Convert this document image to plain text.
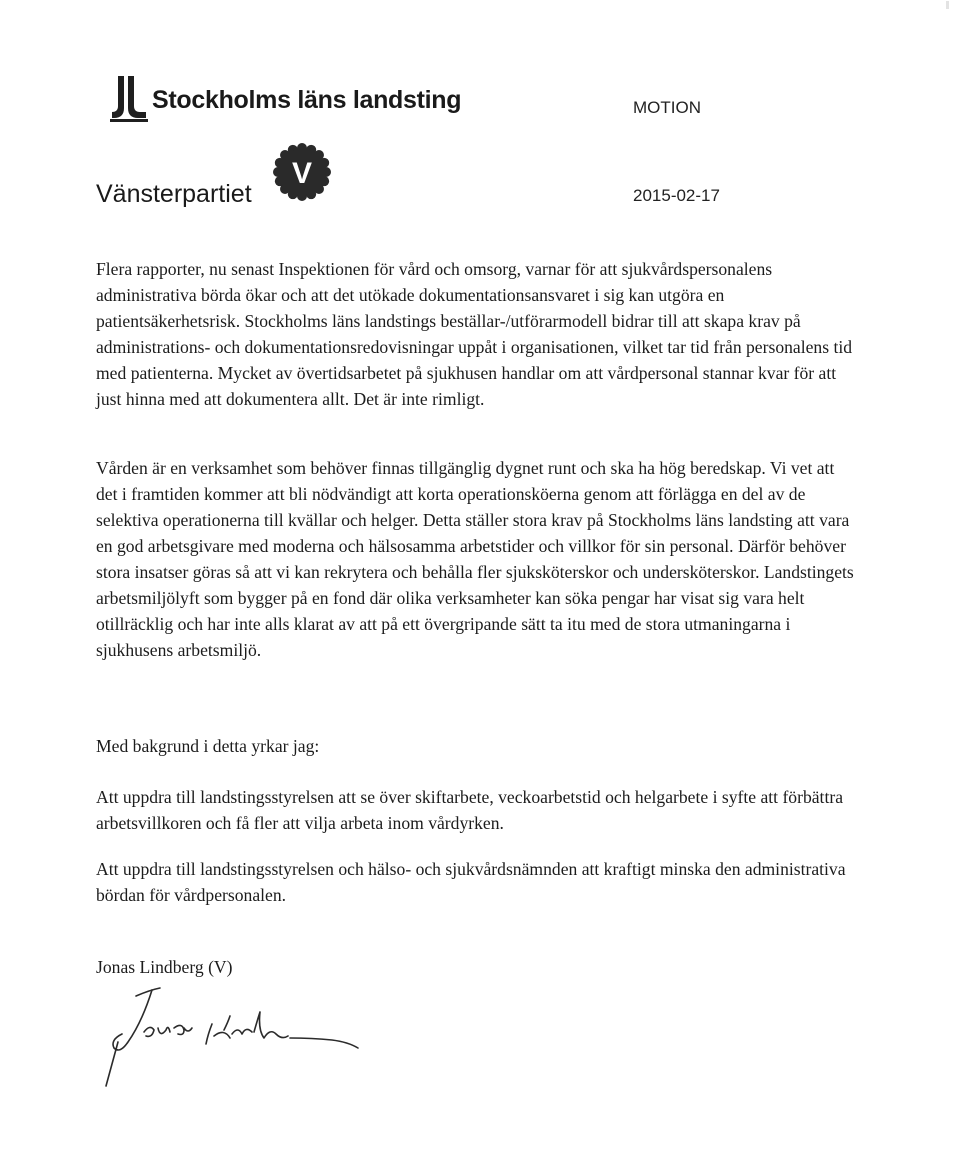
Stockholms läns landsting	MOTION
Vänsterpartiet
V
2015-02-17

Flera rapporter, nu senast Inspektionen för vård och omsorg, varnar för att sjukvårdspersonalens administrativa börda ökar och att det utökade dokumentationsansvaret i sig kan utgöra en patientsäkerhetsrisk. Stockholms läns landstings beställar-/utförarmodell bidrar till att skapa krav på administrations- och dokumentationsredovisningar uppåt i organisationen, vilket tar tid från personalens tid med patienterna. Mycket av övertidsarbetet på sjukhusen handlar om att vårdpersonal stannar kvar för att just hinna med att dokumentera allt. Det är inte rimligt.

Vården är en verksamhet som behöver finnas tillgänglig dygnet runt och ska ha hög beredskap. Vi vet att det i framtiden kommer att bli nödvändigt att korta operationsköerna genom att förlägga en del av de selektiva operationerna till kvällar och helger. Detta ställer stora krav på Stockholms läns landsting att vara en god arbetsgivare med moderna och hälsosamma arbetstider och villkor för sin personal. Därför behöver stora insatser göras så att vi kan rekrytera och behålla fler sjuksköterskor och undersköterskor. Landstingets arbetsmiljölyft som bygger på en fond där olika verksamheter kan söka pengar har visat sig vara helt otillräcklig och har inte alls klarat av att på ett övergripande sätt ta itu med de stora utmaningarna i sjukhusens arbetsmiljö.

Med bakgrund i detta yrkar jag:

Att uppdra till landstingsstyrelsen att se över skiftarbete, veckoarbetstid och helgarbete i syfte att förbättra arbetsvillkoren och få fler att vilja arbeta inom vårdyrken.

Att uppdra till landstingsstyrelsen och hälso- och sjukvårdsnämnden att kraftigt minska den administrativa bördan för vårdpersonalen.

Jonas Lindberg (V)
